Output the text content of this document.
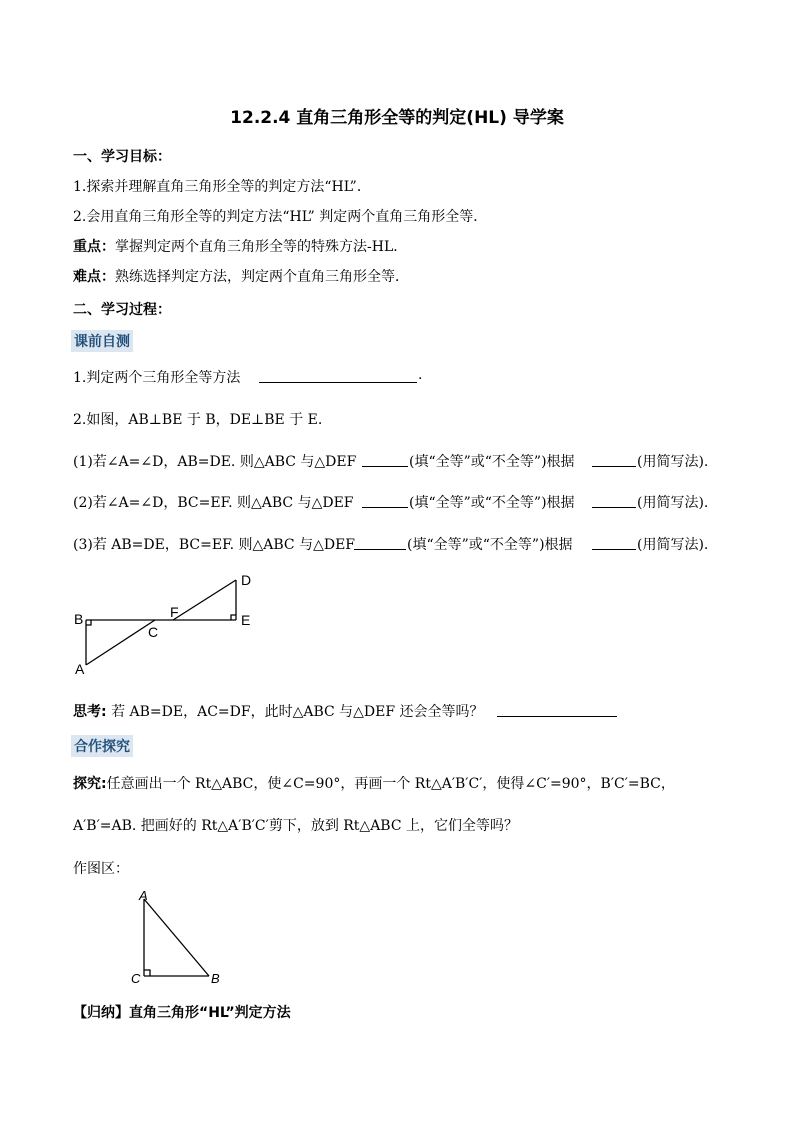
12.2.4 直角三角形全等的判定(HL) 导学案
一、学习目标：
1.探索并理解直角三角形全等的判定方法“HL”．
2.会用直角三角形全等的判定方法“HL” 判定两个直角三角形全等．
重点：掌握判定两个直角三角形全等的特殊方法-HL．
难点：熟练选择判定方法，判定两个直角三角形全等．
二、学习过程：
课前自测
1.判定两个三角形全等方法	.
2.如图，AB⊥BE 于 B，DE⊥BE 于 E.
(1)若∠A=∠D，AB=DE. 则△ABC 与△DEF	(填“全等”或“不全等”)根据	(用简写法).
(2)若∠A=∠D，BC=EF. 则△ABC 与△DEF	(填“全等”或“不全等”)根据	(用简写法).
(3)若 AB=DE，BC=EF. 则△ABC 与△DEF	(填“全等”或“不全等”)根据	(用简写法).
B
A
C
F
D
E
思考: 若 AB=DE，AC=DF，此时△ABC 与△DEF 还会全等吗？
合作探究
探究:任意画出一个 Rt△ABC，使∠C=90°，再画一个 Rt△A′B′C′，使得∠C′=90°，B′C′=BC，
A′B′=AB. 把画好的 Rt△A′B′C′剪下，放到 Rt△ABC 上，它们全等吗？
作图区：
A
C	B
【归纳】直角三角形“HL”判定方法
